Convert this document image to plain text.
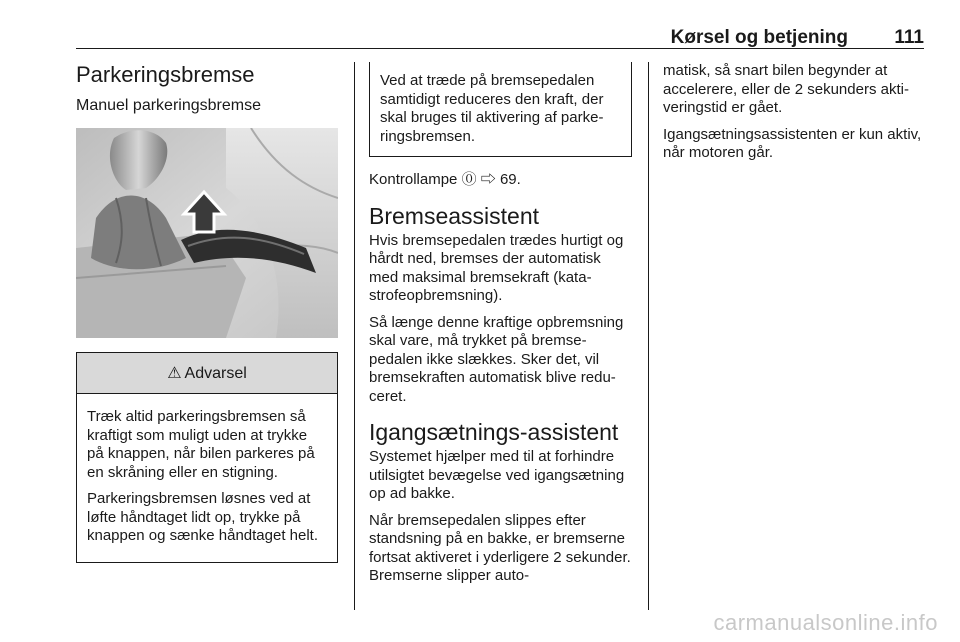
Kørsel og betjening 111
Parkeringsbremse
Manuel parkeringsbremse
⚠ Advarsel

Træk altid parkeringsbremsen så kraftigt som muligt uden at trykke på knappen, når bilen parkeres på en skråning eller en stigning.

Parkeringsbremsen løsnes ved at løfte håndtaget lidt op, trykke på knappen og sænke håndtaget helt.

Ved at træde på bremsepedalen samtidigt reduceres den kraft, der skal bruges til aktivering af parkeringsbremsen.

Kontrollampe ⓪ ⇨ 69.

Bremseassistent

Hvis bremsepedalen trædes hurtigt og hårdt ned, bremses der automatisk med maksimal bremsekraft (katastrofeopbremsning).

Så længe denne kraftige opbremsning skal vare, må trykket på bremsepedalen ikke slækkes. Sker det, vil bremsekraften automatisk blive reduceret.

Igangsætnings-assistent

Systemet hjælper med til at forhindre utilsigtet bevægelse ved igangsætning op ad bakke.

Når bremsepedalen slippes efter standsning på en bakke, er bremserne fortsat aktiveret i yderligere 2 sekunder. Bremserne slipper auto-

matisk, så snart bilen begynder at accelerere, eller de 2 sekunders aktiveringstid er gået.

Igangsætningsassistenten er kun aktiv, når motoren går.

carmanualsonline.info
